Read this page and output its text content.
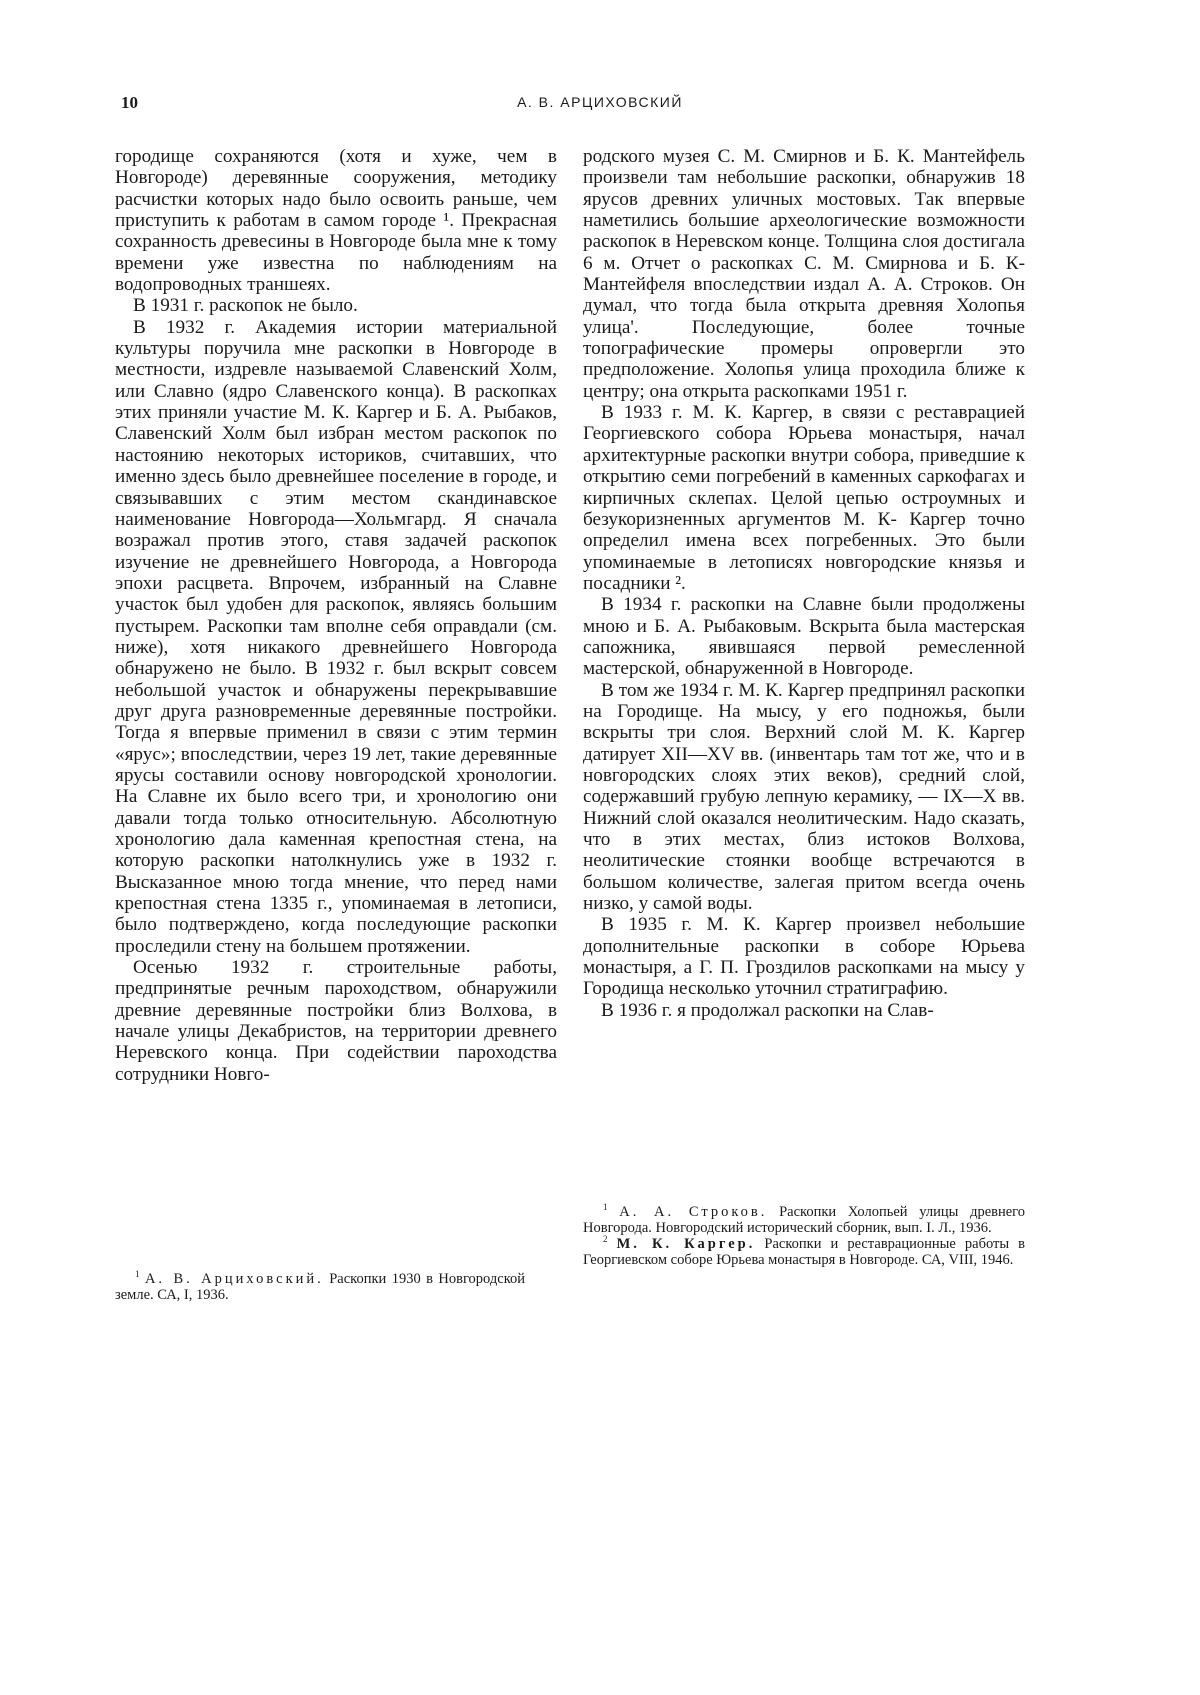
10	А. В. АРЦИХОВСКИЙ

городище сохраняются (хотя и хуже, чем в Новгороде) деревянные сооружения, методику расчистки которых надо было освоить раньше, чем приступить к работам в самом городе ¹. Прекрасная сохранность древесины в Новгороде была мне к тому времени уже известна по наблюдениям на водопроводных траншеях.

В 1931 г. раскопок не было.

В 1932 г. Академия истории материальной культуры поручила мне раскопки в Новгороде в местности, издревле называемой Славенский Холм, или Славно (ядро Славенского конца). В раскопках этих приняли участие М. К. Каргер и Б. А. Рыбаков, Славенский Холм был избран местом раскопок по настоянию некоторых историков, считавших, что именно здесь было древнейшее поселение в городе, и связывавших с этим местом скандинавское наименование Новгорода—Хольмгард. Я сначала возражал против этого, ставя задачей раскопок изучение не древнейшего Новгорода, а Новгорода эпохи расцвета. Впрочем, избранный на Славне участок был удобен для раскопок, являясь большим пустырем. Раскопки там вполне себя оправдали (см. ниже), хотя никакого древнейшего Новгорода обнаружено не было. В 1932 г. был вскрыт совсем небольшой участок и обнаружены перекрывавшие друг друга разновременные деревянные постройки. Тогда я впервые применил в связи с этим термин «ярус»; впоследствии, через 19 лет, такие деревянные ярусы составили основу новгородской хронологии. На Славне их было всего три, и хронологию они давали тогда только относительную. Абсолютную хронологию дала каменная крепостная стена, на которую раскопки натолкнулись уже в 1932 г. Высказанное мною тогда мнение, что перед нами крепостная стена 1335 г., упоминаемая в летописи, было подтверждено, когда последующие раскопки проследили стену на большем протяжении.

Осенью 1932 г. строительные работы, предпринятые речным пароходством, обнаружили древние деревянные постройки близ Волхова, в начале улицы Декабристов, на территории древнего Неревского конца. При содействии пароходства сотрудники Новго-

$^1$ А. В. Арциховский. Раскопки 1930 в Новгородской земле. СА, I, 1936.

родского музея С. М. Смирнов и Б. К. Мантейфель произвели там небольшие раскопки, обнаружив 18 ярусов древних уличных мостовых. Так впервые наметились большие археологические возможности раскопок в Неревском конце. Толщина слоя достигала 6 м. Отчет о раскопках С. М. Смирнова и Б. К- Мантейфеля впоследствии издал А. А. Строков. Он думал, что тогда была открыта древняя Холопья улица'. Последующие, более точные топографические промеры опровергли это предположение. Холопья улица проходила ближе к центру; она открыта раскопками 1951 г.

В 1933 г. М. К. Каргер, в связи с реставрацией Георгиевского собора Юрьева монастыря, начал архитектурные раскопки внутри собора, приведшие к открытию семи погребений в каменных саркофагах и кирпичных склепах. Целой цепью остроумных и безукоризненных аргументов М. К- Каргер точно определил имена всех погребенных. Это были упоминаемые в летописях новгородские князья и посадники ².

В 1934 г. раскопки на Славне были продолжены мною и Б. А. Рыбаковым. Вскрыта была мастерская сапожника, явившаяся первой ремесленной мастерской, обнаруженной в Новгороде.

В том же 1934 г. М. К. Каргер предпринял раскопки на Городище. На мысу, у его подножья, были вскрыты три слоя. Верхний слой М. К. Каргер датирует XII—XV вв. (инвентарь там тот же, что и в новгородских слоях этих веков), средний слой, содержавший грубую лепную керамику, — IX—X вв. Нижний слой оказался неолитическим. Надо сказать, что в этих местах, близ истоков Волхова, неолитические стоянки вообще встречаются в большом количестве, залегая притом всегда очень низко, у самой воды.

В 1935 г. М. К. Каргер произвел небольшие дополнительные раскопки в соборе Юрьева монастыря, а Г. П. Гроздилов раскопками на мысу у Городища несколько уточнил стратиграфию.

В 1936 г. я продолжал раскопки на Слав-

$^1$ А. А. Строков. Раскопки Холопьей улицы древнего Новгорода. Новгородский исторический сборник, вып. I. Л., 1936.

$^2$ М. К. Каргер. Раскопки и реставрационные работы в Георгиевском соборе Юрьева монастыря в Новгороде. СА, VIII, 1946.
